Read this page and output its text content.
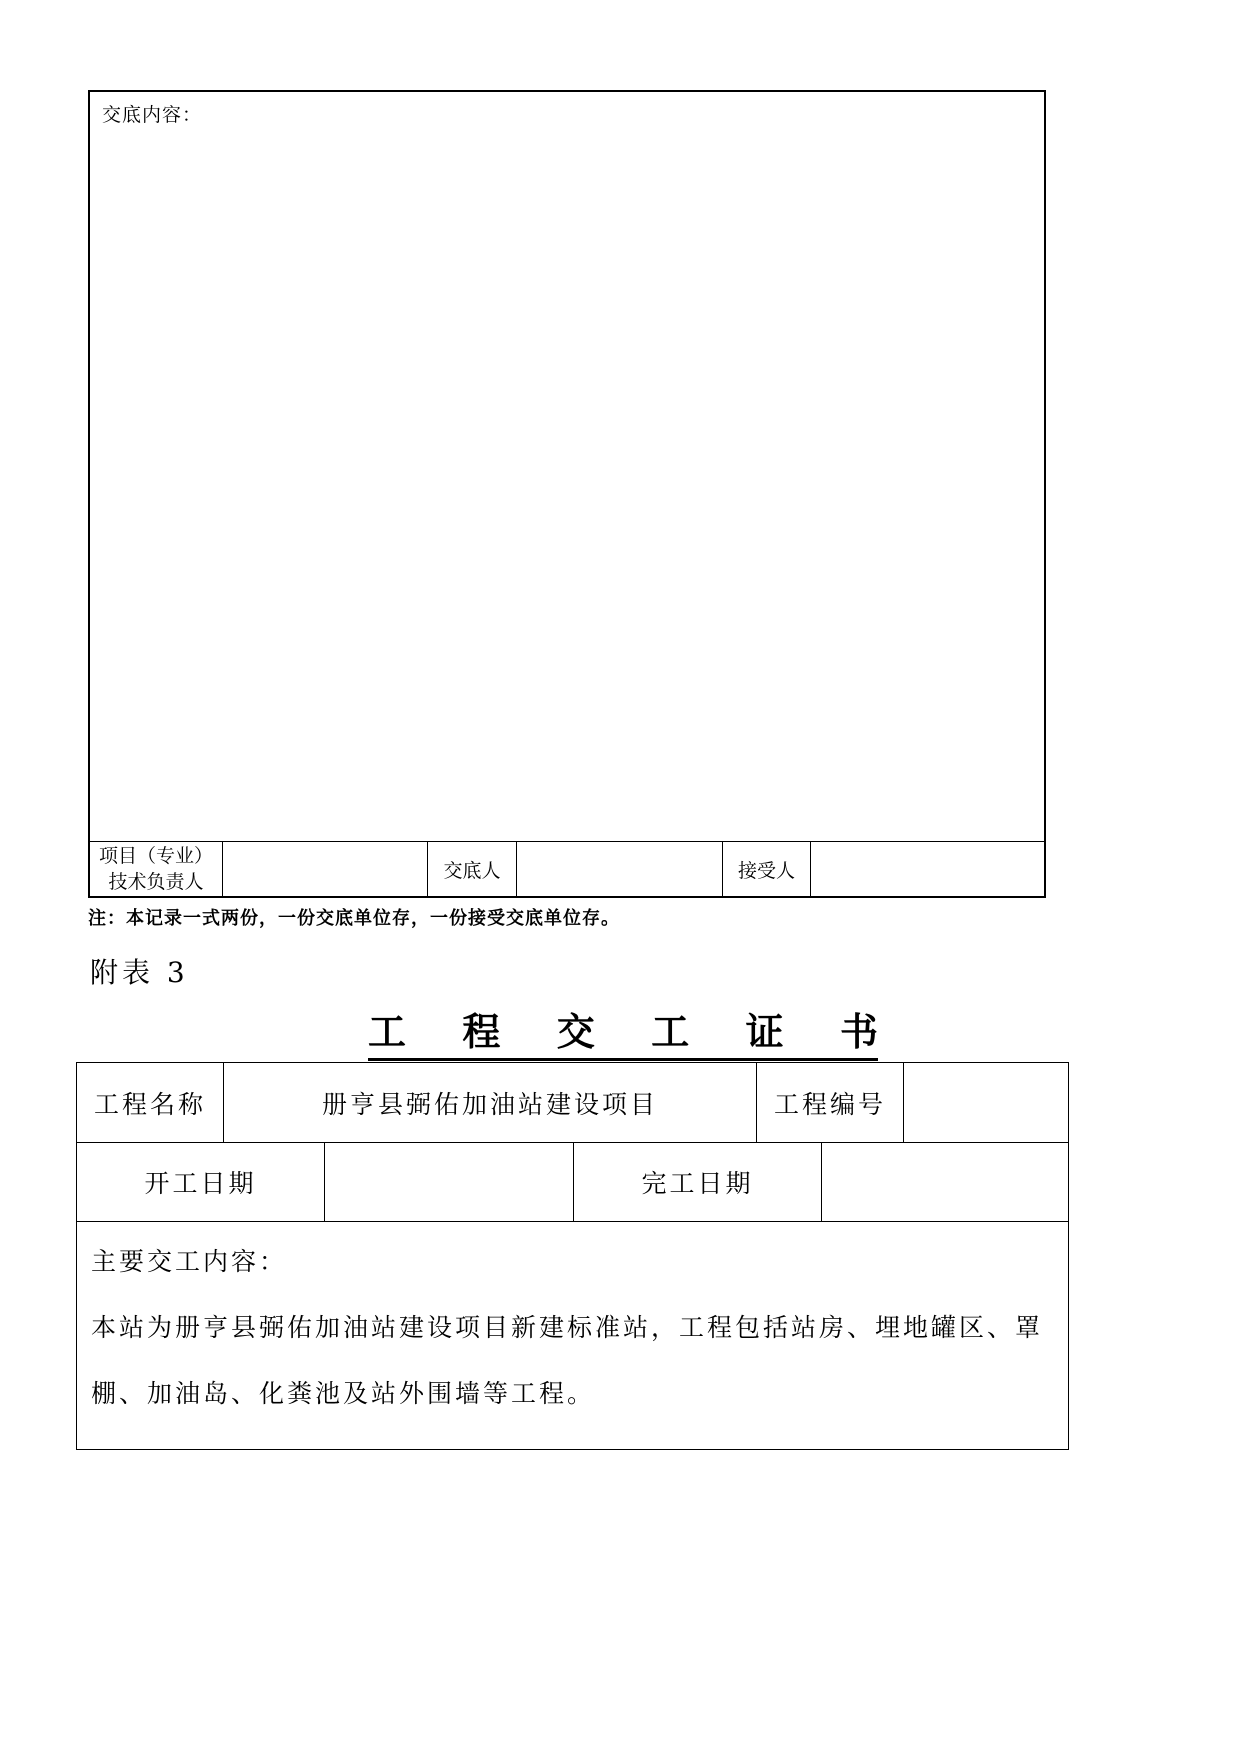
交底内容：
项目（专业）
技术负责人
交底人	接受人
注：本记录一式两份，一份交底单位存，一份接受交底单位存。
附表 3
工程交工证书
工程名称	册亨县弼佑加油站建设项目	工程编号
开工日期	完工日期

主要交工内容：

本站为册亨县弼佑加油站建设项目新建标准站，工程包括站房、埋地罐区、罩棚、加油岛、化粪池及站外围墙等工程。
